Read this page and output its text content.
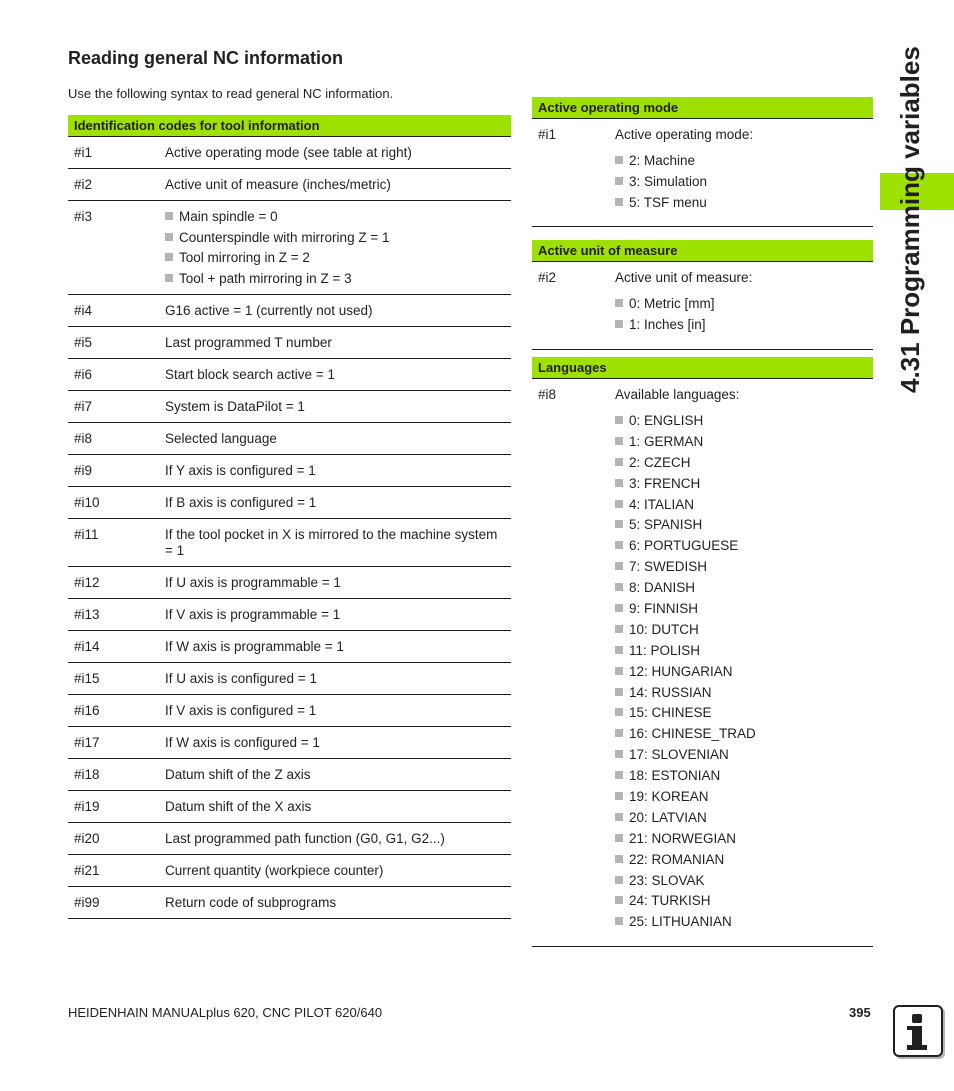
Reading general NC information

Use the following syntax to read general NC information.

Identification codes for tool information
#i1	Active operating mode (see table at right)
#i2	Active unit of measure (inches/metric)
#i3	Main spindle = 0
Counterspindle with mirroring Z = 1
Tool mirroring in Z = 2
Tool + path mirroring in Z = 3
#i4	G16 active = 1 (currently not used)
#i5	Last programmed T number
#i6	Start block search active = 1
#i7	System is DataPilot = 1
#i8	Selected language
#i9	If Y axis is configured = 1
#i10	If B axis is configured = 1
#i11	If the tool pocket in X is mirrored to the machine system = 1
#i12	If U axis is programmable = 1
#i13	If V axis is programmable = 1
#i14	If W axis is programmable = 1
#i15	If U axis is configured = 1
#i16	If V axis is configured = 1
#i17	If W axis is configured = 1
#i18	Datum shift of the Z axis
#i19	Datum shift of the X axis
#i20	Last programmed path function (G0, G1, G2...)
#i21	Current quantity (workpiece counter)
#i99	Return code of subprograms
Active operating mode
#i1	Active operating mode:
2: Machine
3: Simulation
5: TSF menu
Active unit of measure
#i2	Active unit of measure:
0: Metric [mm]
1: Inches [in]
Languages
#i8	Available languages:
0: ENGLISH
1: GERMAN
2: CZECH
3: FRENCH
4: ITALIAN
5: SPANISH
6: PORTUGUESE
7: SWEDISH
8: DANISH
9: FINNISH
10: DUTCH
11: POLISH
12: HUNGARIAN
14: RUSSIAN
15: CHINESE
16: CHINESE_TRAD
17: SLOVENIAN
18: ESTONIAN
19: KOREAN
20: LATVIAN
21: NORWEGIAN
22: ROMANIAN
23: SLOVAK
24: TURKISH
25: LITHUANIAN
4.31 Programming variables
HEIDENHAIN MANUALplus 620, CNC PILOT 620/640	395
